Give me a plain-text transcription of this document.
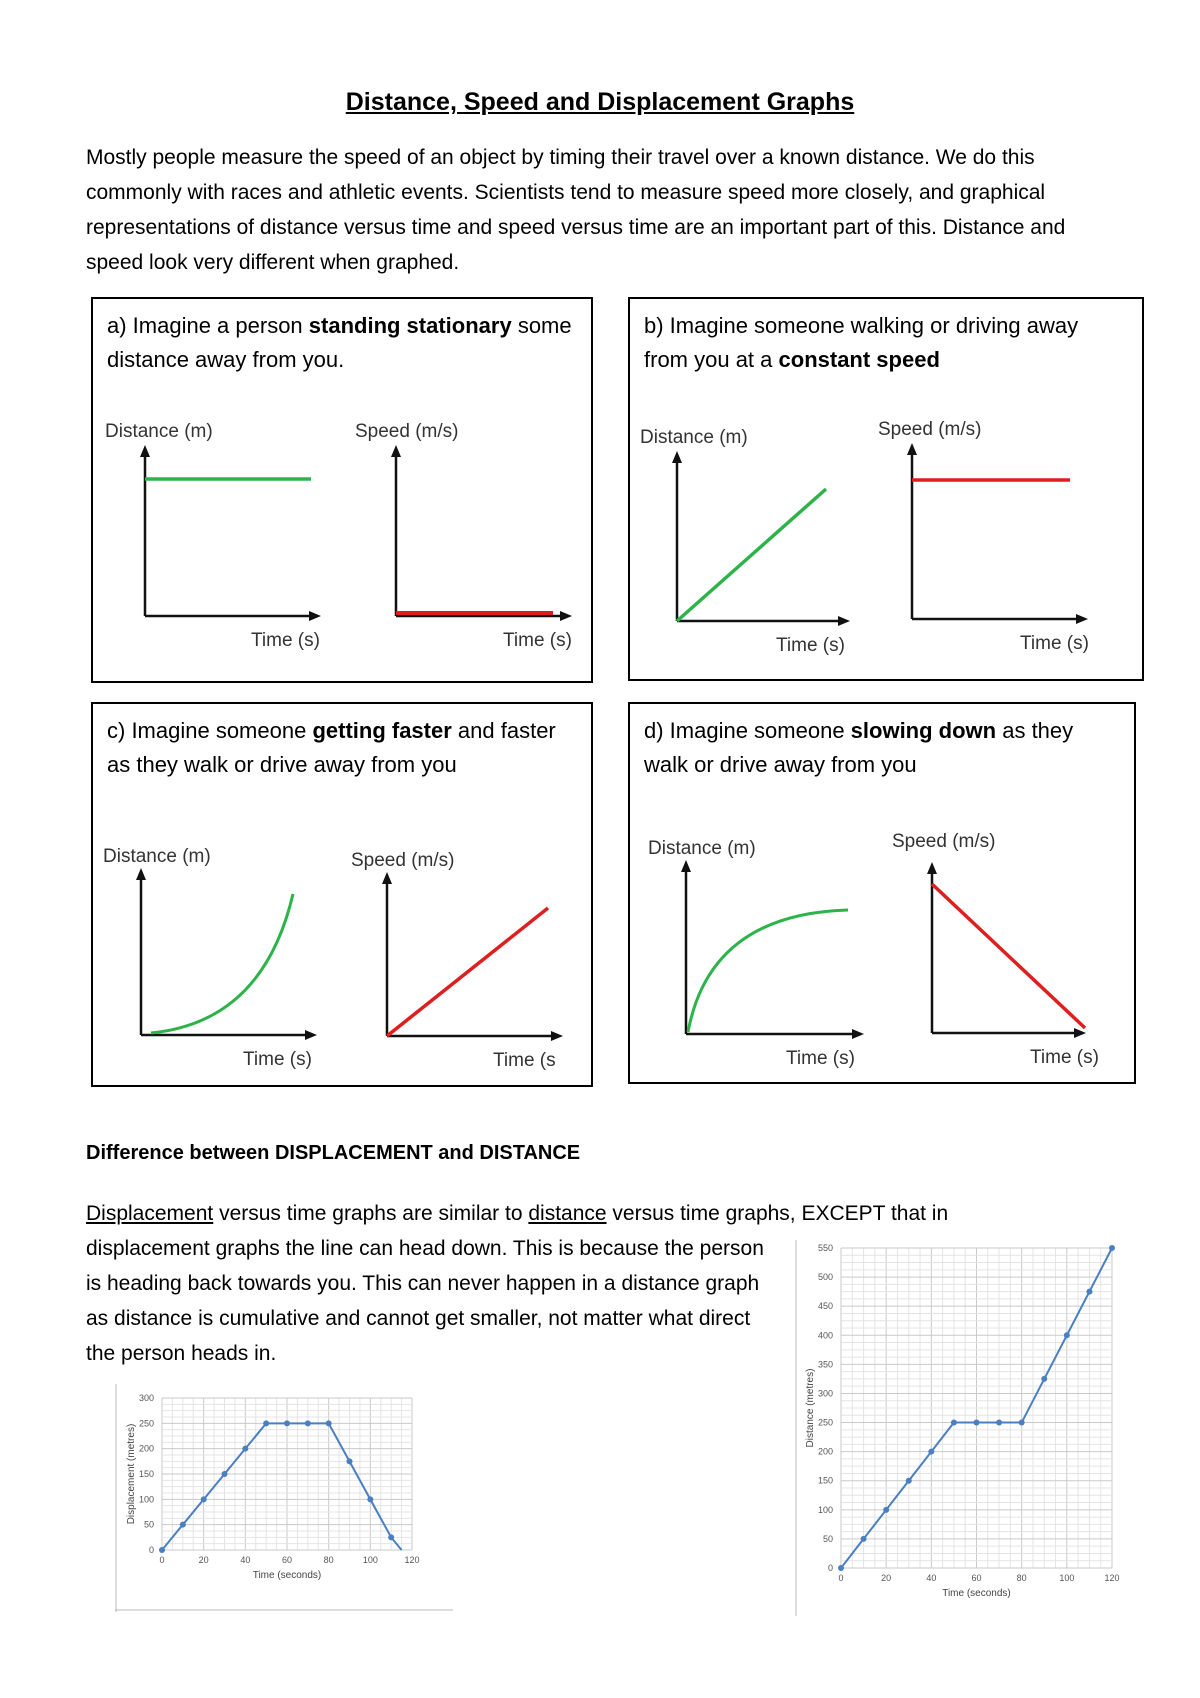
Distance, Speed and Displacement Graphs
Mostly people measure the speed of an object by timing their travel over a known distance. We do this commonly with races and athletic events. Scientists tend to measure speed more closely, and graphical representations of distance versus time and speed versus time are an important part of this. Distance and speed look very different when graphed.
a) Imagine a person standing stationary some distance away from you.
Distance (m)
Time (s)
Speed (m/s)
Time (s)
b) Imagine someone walking or driving away from you at a constant speed
Distance (m)
Time (s)
Speed (m/s)
Time (s)
c) Imagine someone getting faster and faster as they walk or drive away from you
Distance (m)
Time (s)
Speed (m/s)
Time (s
d) Imagine someone slowing down as they walk or drive away from you
Distance (m)
Time (s)
Speed (m/s)
Time (s)
Difference between DISPLACEMENT and DISTANCE
Displacement versus time graphs are similar to distance versus time graphs, EXCEPT that in
displacement graphs the line can head down. This is because the person is heading back towards you. This can never happen in a distance graph as distance is cumulative and cannot get smaller, not matter what direct the person heads in.
0	20	40	60	80	100	120
0
50
100
150
200
250
300
Time (seconds)
Displacement (metres)
0	20	40	60	80	100	120
0
50
100
150
200
250
300
350
400
450
500
550
Time (seconds)
Distance (metres)
